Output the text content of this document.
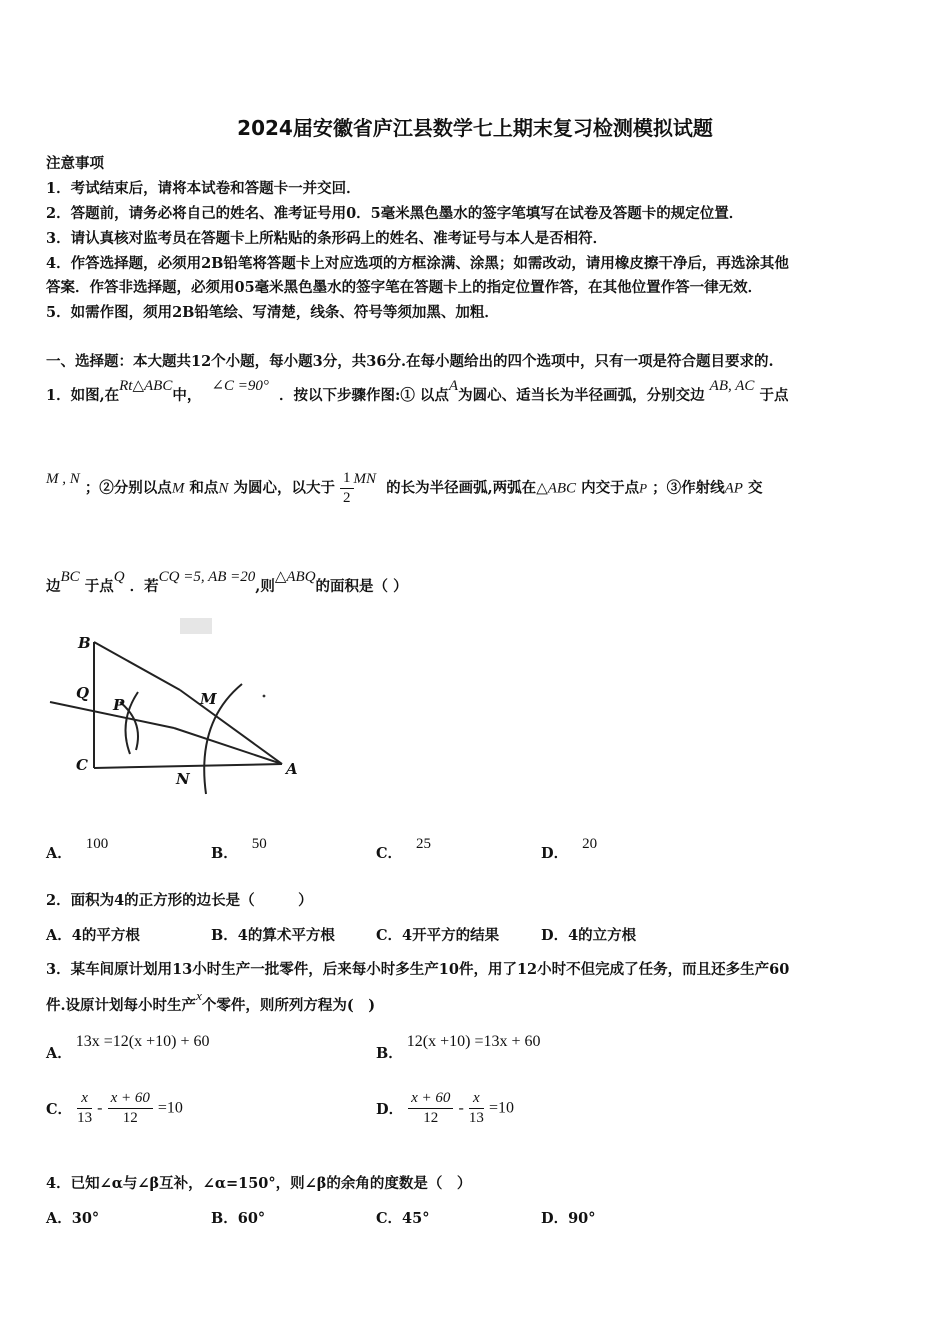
2024届安徽省庐江县数学七上期末复习检测模拟试题
注意事项
1．考试结束后，请将本试卷和答题卡一并交回．
2．答题前，请务必将自己的姓名、准考证号用0．5毫米黑色墨水的签字笔填写在试卷及答题卡的规定位置．
3．请认真核对监考员在答题卡上所粘贴的条形码上的姓名、准考证号与本人是否相符．
4．作答选择题，必须用2B铅笔将答题卡上对应选项的方框涂满、涂黑；如需改动，请用橡皮擦干净后，再选涂其他
答案．作答非选择题，必须用05毫米黑色墨水的签字笔在答题卡上的指定位置作答，在其他位置作答一律无效．
5．如需作图，须用2B铅笔绘、写清楚，线条、符号等须加黑、加粗．
一、选择题：本大题共12个小题，每小题3分，共36分.在每小题给出的四个选项中，只有一项是符合题目要求的.
1．如图,在Rt△ABC中，  ∠C =90°  ．按以下步骤作图:① 以点A为圆心、适当长为半径画弧，分别交边 AB, AC 于点
M , N ；②分别以点M 和点N 为圆心，以大于 $\frac{1}{2}$ MN  的长为半径画弧,两弧在△ABC 内交于点P ；③作射线AP 交
边BC 于点Q ．若CQ =5, AB =20,则△ABQ的面积是（ ）
B
Q
P	M
C
N
A
A．100
B．50
C．25
D．20
2．面积为4的正方形的边长是（　　　）
A．4的平方根	B．4的算术平方根	C．4开平方的结果	D．4的立方根
3．某车间原计划用13小时生产一批零件，后来每小时多生产10件，用了12小时不但完成了任务，而且还多生产60
件.设原计划每小时生产x个零件，则所列方程为(　)
A．13x =12(x +10) + 60
B．12(x +10) =13x + 60
C． $\frac{x}{13} - \frac{x + 60}{12} =10$	D． $\frac{x + 60}{12} - \frac{x}{13} =10$
4．已知∠α与∠β互补，∠α=150°，则∠β的余角的度数是（　）
A．30°	B．60°	C．45°	D．90°
